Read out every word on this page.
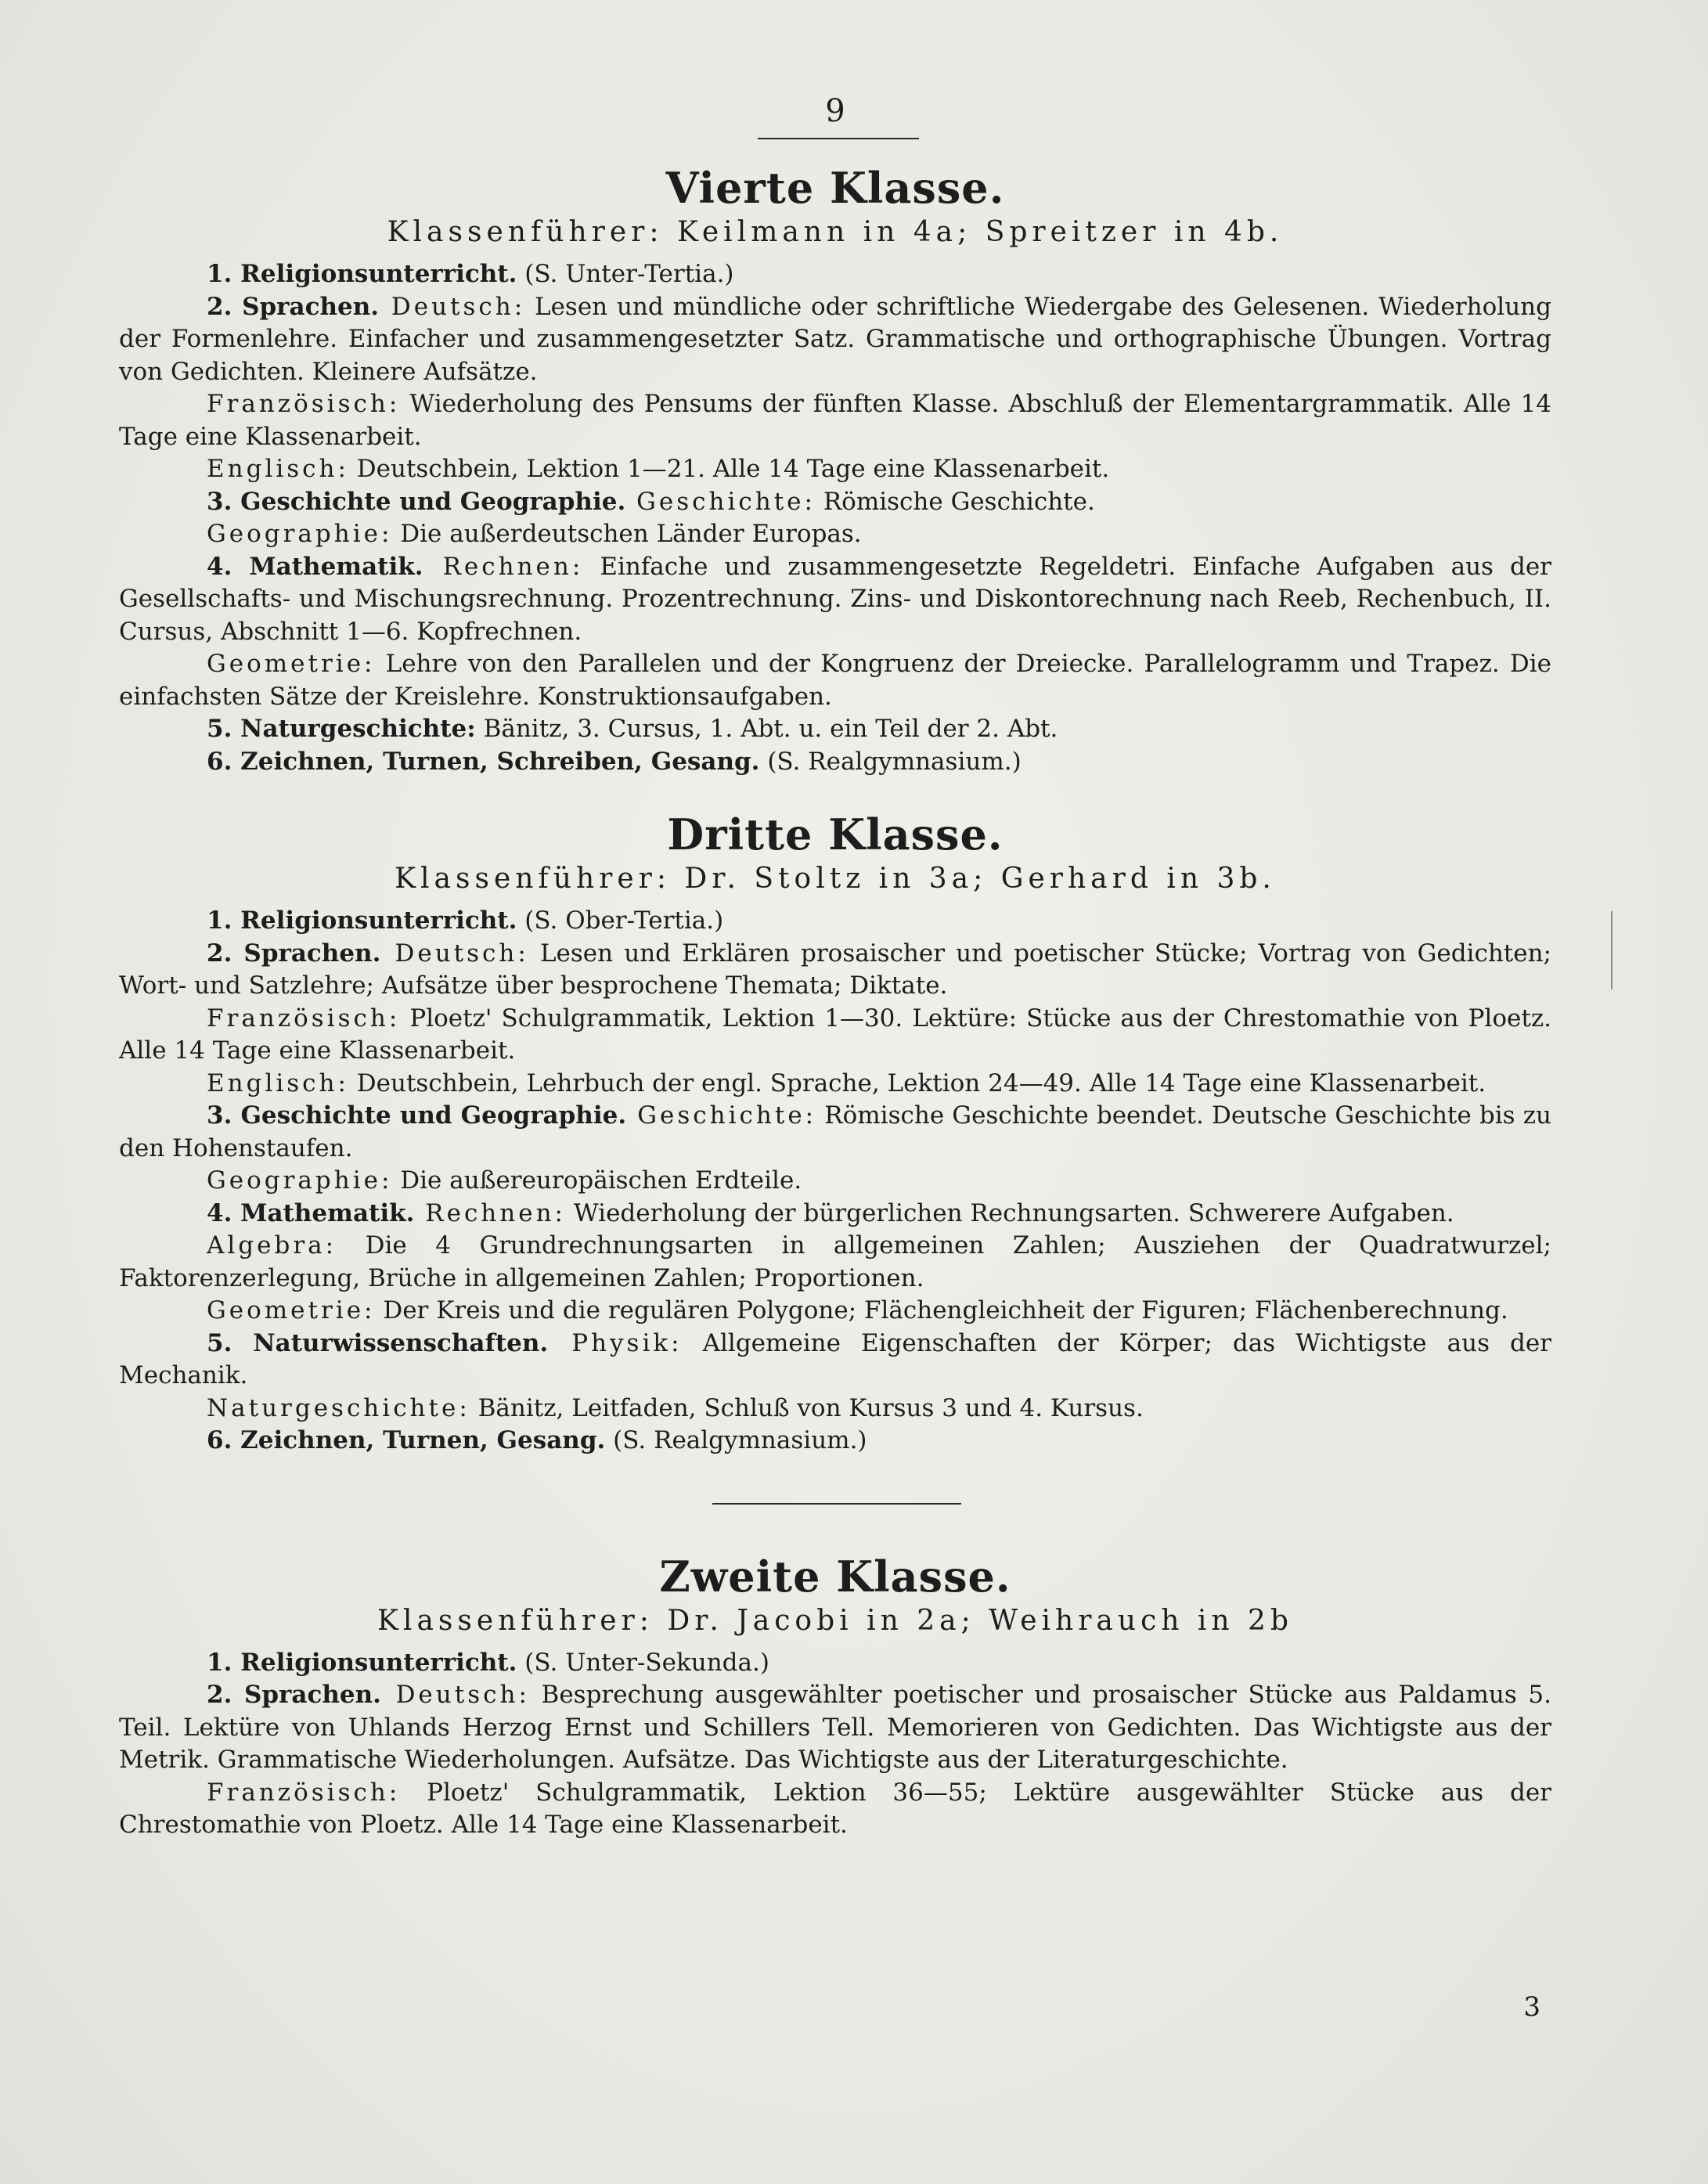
9
Vierte Klasse.
Klassenführer: Keilmann in 4a; Spreitzer in 4b.

1. Religionsunterricht. (S. Unter-Tertia.)

2. Sprachen. Deutsch: Lesen und mündliche oder schriftliche Wiedergabe des Gelesenen. Wiederholung der Formenlehre. Einfacher und zusammengesetzter Satz. Grammatische und orthographische Übungen. Vortrag von Gedichten. Kleinere Aufsätze.

Französisch: Wiederholung des Pensums der fünften Klasse. Abschluß der Elementargrammatik. Alle 14 Tage eine Klassenarbeit.

Englisch: Deutschbein, Lektion 1—21. Alle 14 Tage eine Klassenarbeit.

3. Geschichte und Geographie. Geschichte: Römische Geschichte.

Geographie: Die außerdeutschen Länder Europas.

4. Mathematik. Rechnen: Einfache und zusammengesetzte Regeldetri. Einfache Aufgaben aus der Gesellschafts- und Mischungsrechnung. Prozentrechnung. Zins- und Diskontorechnung nach Reeb, Rechenbuch, II. Cursus, Abschnitt 1—6. Kopfrechnen.

Geometrie: Lehre von den Parallelen und der Kongruenz der Dreiecke. Parallelogramm und Trapez. Die einfachsten Sätze der Kreislehre. Konstruktionsaufgaben.

5. Naturgeschichte: Bänitz, 3. Cursus, 1. Abt. u. ein Teil der 2. Abt.

6. Zeichnen, Turnen, Schreiben, Gesang. (S. Realgymnasium.)

Dritte Klasse.
Klassenführer: Dr. Stoltz in 3a; Gerhard in 3b.

1. Religionsunterricht. (S. Ober-Tertia.)

2. Sprachen. Deutsch: Lesen und Erklären prosaischer und poetischer Stücke; Vortrag von Gedichten; Wort- und Satzlehre; Aufsätze über besprochene Themata; Diktate.

Französisch: Ploetz' Schulgrammatik, Lektion 1—30. Lektüre: Stücke aus der Chrestomathie von Ploetz. Alle 14 Tage eine Klassenarbeit.

Englisch: Deutschbein, Lehrbuch der engl. Sprache, Lektion 24—49. Alle 14 Tage eine Klassenarbeit.

3. Geschichte und Geographie. Geschichte: Römische Geschichte beendet. Deutsche Geschichte bis zu den Hohenstaufen.

Geographie: Die außereuropäischen Erdteile.

4. Mathematik. Rechnen: Wiederholung der bürgerlichen Rechnungsarten. Schwerere Aufgaben.

Algebra: Die 4 Grundrechnungsarten in allgemeinen Zahlen; Ausziehen der Quadratwurzel; Faktorenzerlegung, Brüche in allgemeinen Zahlen; Proportionen.

Geometrie: Der Kreis und die regulären Polygone; Flächengleichheit der Figuren; Flächenberechnung.

5. Naturwissenschaften. Physik: Allgemeine Eigenschaften der Körper; das Wichtigste aus der Mechanik.

Naturgeschichte: Bänitz, Leitfaden, Schluß von Kursus 3 und 4. Kursus.

6. Zeichnen, Turnen, Gesang. (S. Realgymnasium.)

Zweite Klasse.
Klassenführer: Dr. Jacobi in 2a; Weihrauch in 2b

1. Religionsunterricht. (S. Unter-Sekunda.)

2. Sprachen. Deutsch: Besprechung ausgewählter poetischer und prosaischer Stücke aus Paldamus 5. Teil. Lektüre von Uhlands Herzog Ernst und Schillers Tell. Memorieren von Gedichten. Das Wichtigste aus der Metrik. Grammatische Wiederholungen. Aufsätze. Das Wichtigste aus der Literaturgeschichte.

Französisch: Ploetz' Schulgrammatik, Lektion 36—55; Lektüre ausgewählter Stücke aus der Chrestomathie von Ploetz. Alle 14 Tage eine Klassenarbeit.

3
